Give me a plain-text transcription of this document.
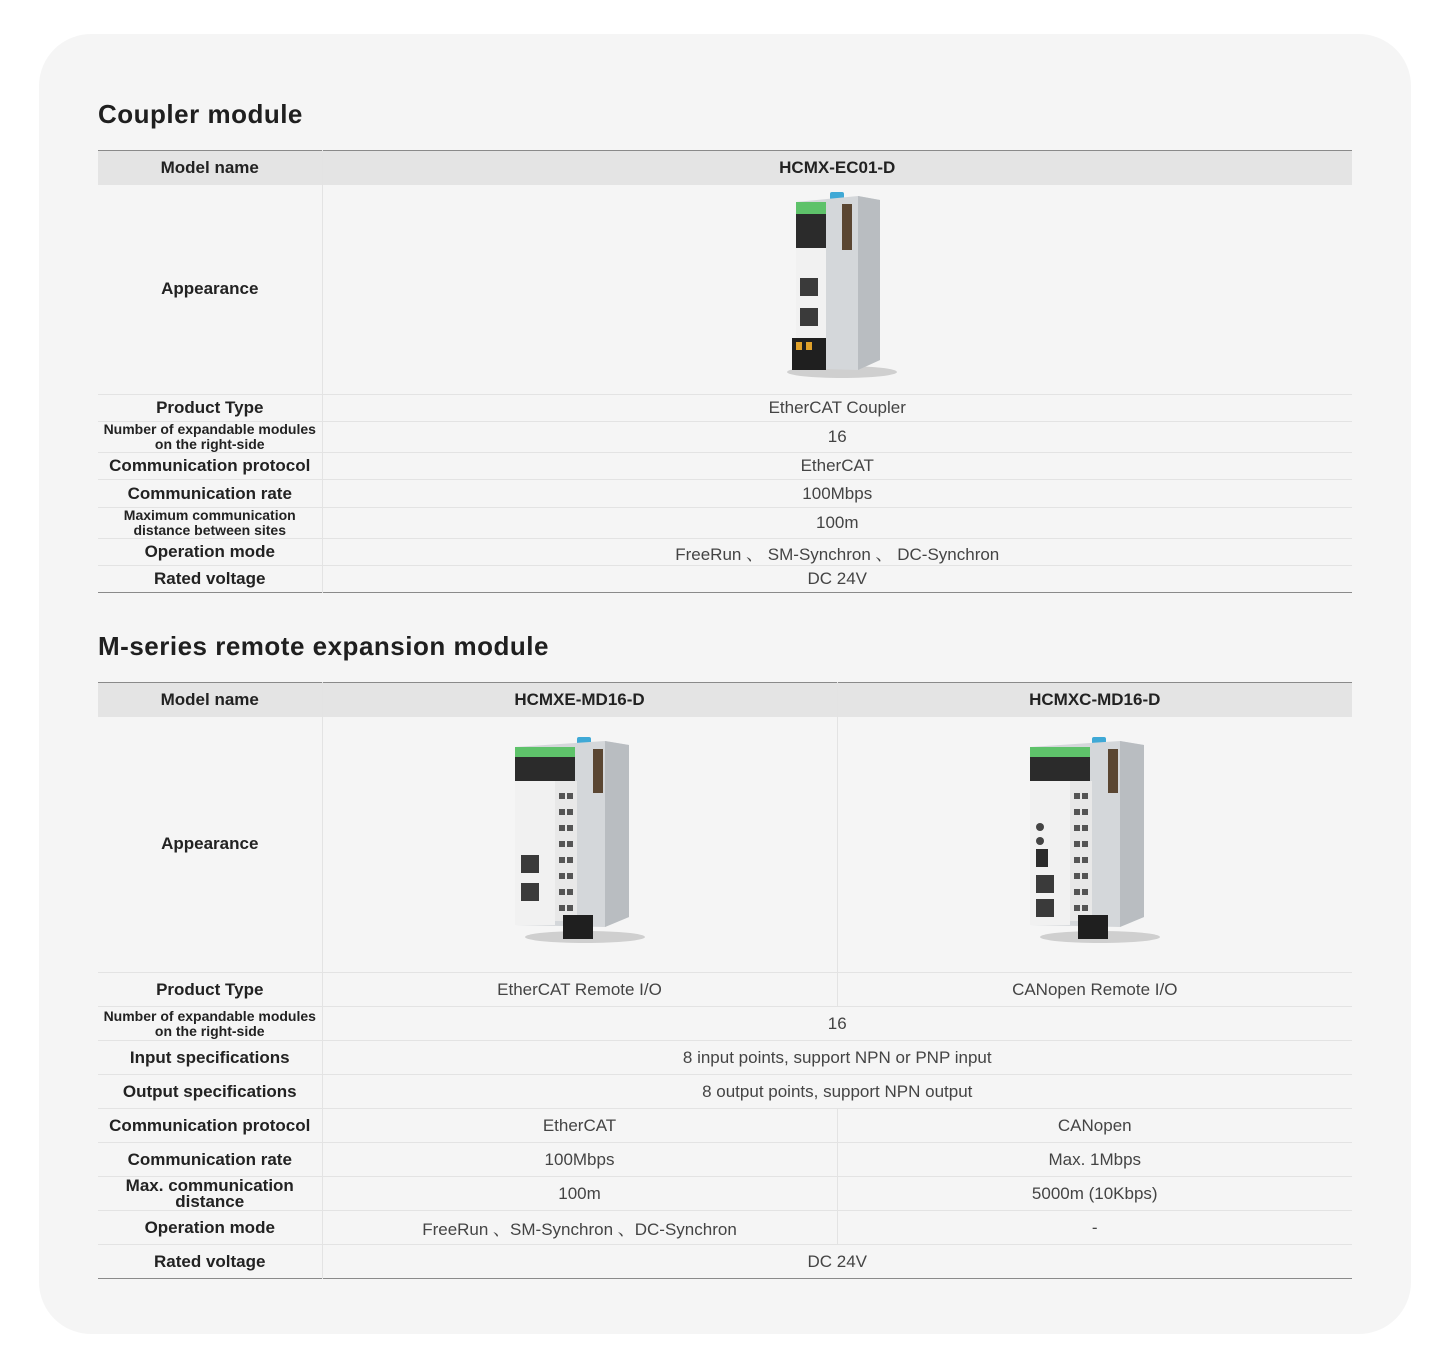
Coupler module
Model name	HCMX-EC01-D
Appearance	

Product Type	EtherCAT Coupler
Number of expandable modules on the right-side	16
Communication protocol	EtherCAT
Communication rate	100Mbps
Maximum communication distance between sites	100m
Operation mode	FreeRun 、 SM-Synchron 、 DC-Synchron
Rated voltage	DC 24V
M-series remote expansion module
Model name	HCMXE-MD16-D	HCMXC-MD16-D
Appearance	

Product Type	EtherCAT Remote I/O	CANopen Remote I/O
Number of expandable modules on the right-side	16	
Input specifications	8 input points, support NPN or PNP input	
Output specifications	8 output points, support NPN output	
Communication protocol	EtherCAT	CANopen
Communication rate	100Mbps	Max. 1Mbps
Max. communication distance	100m	5000m (10Kbps)
Operation mode	FreeRun 、SM-Synchron 、DC-Synchron	-
Rated voltage	DC 24V	
